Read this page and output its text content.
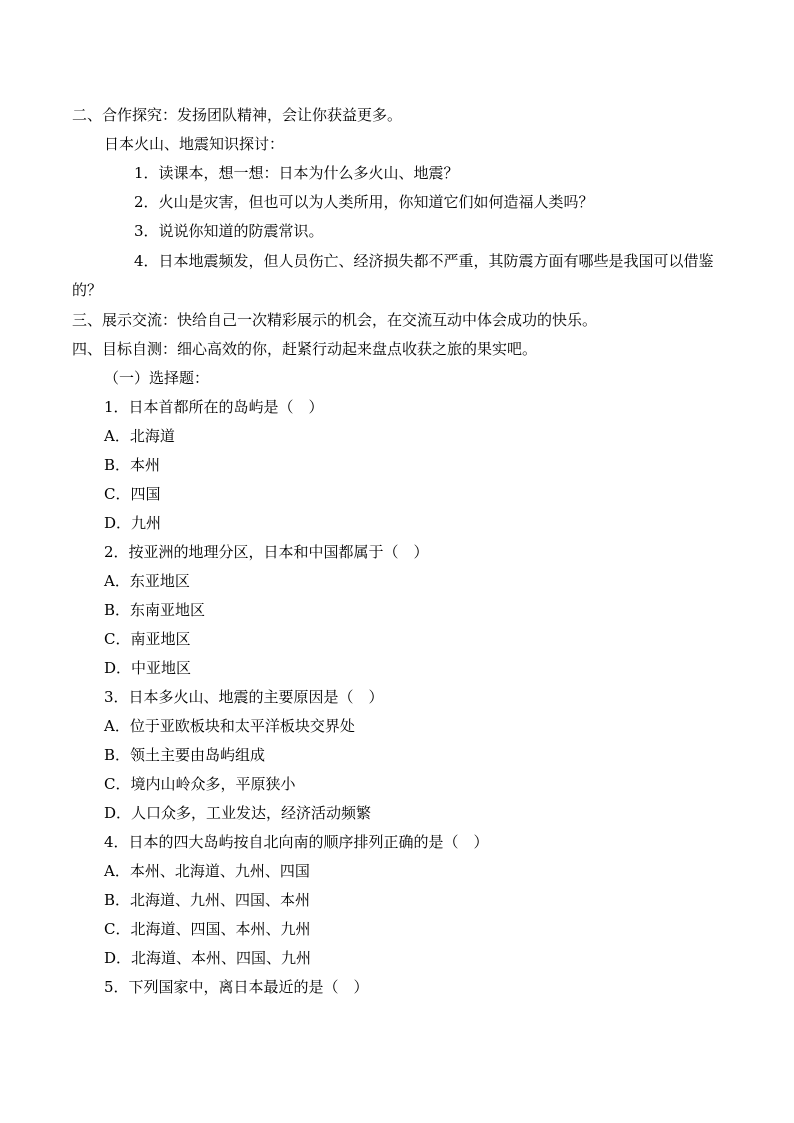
二、合作探究：发扬团队精神，会让你获益更多。
日本火山、地震知识探讨：
1．读课本，想一想：日本为什么多火山、地震？
2．火山是灾害，但也可以为人类所用，你知道它们如何造福人类吗？
3．说说你知道的防震常识。
4．日本地震频发，但人员伤亡、经济损失都不严重，其防震方面有哪些是我国可以借鉴的？
三、展示交流：快给自己一次精彩展示的机会，在交流互动中体会成功的快乐。
四、目标自测：细心高效的你，赶紧行动起来盘点收获之旅的果实吧。
（一）选择题：
1．日本首都所在的岛屿是（　）
A．北海道
B．本州
C．四国
D．九州
2．按亚洲的地理分区，日本和中国都属于（　）
A．东亚地区
B．东南亚地区
C．南亚地区
D．中亚地区
3．日本多火山、地震的主要原因是（　）
A．位于亚欧板块和太平洋板块交界处
B．领土主要由岛屿组成
C．境内山岭众多，平原狭小
D．人口众多，工业发达，经济活动频繁
4．日本的四大岛屿按自北向南的顺序排列正确的是（　）
A．本州、北海道、九州、四国
B．北海道、九州、四国、本州
C．北海道、四国、本州、九州
D．北海道、本州、四国、九州
5．下列国家中，离日本最近的是（　）
